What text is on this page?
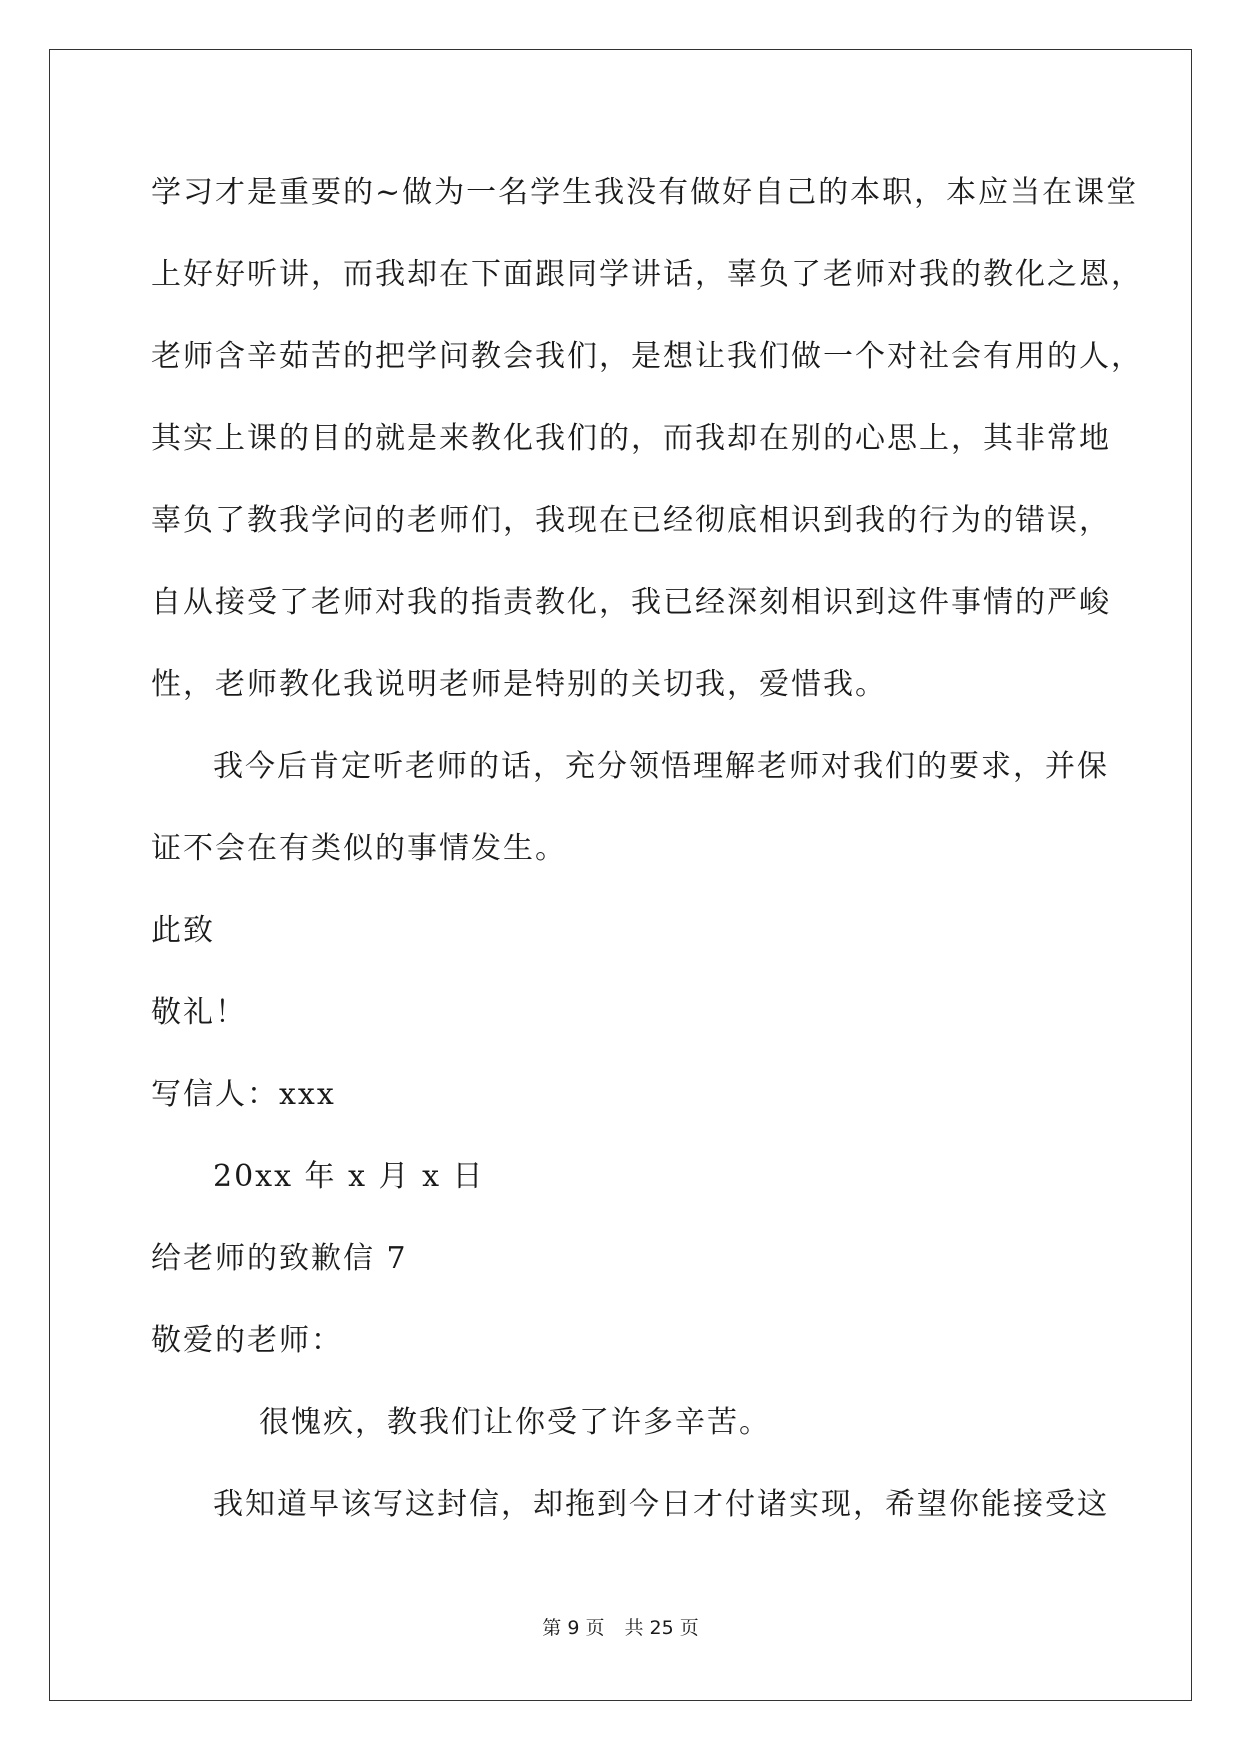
学习才是重要的~做为一名学生我没有做好自己的本职，本应当在课堂
上好好听讲，而我却在下面跟同学讲话，辜负了老师对我的教化之恩，
老师含辛茹苦的把学问教会我们，是想让我们做一个对社会有用的人，
其实上课的目的就是来教化我们的，而我却在别的心思上，其非常地
辜负了教我学问的老师们，我现在已经彻底相识到我的行为的错误，
自从接受了老师对我的指责教化，我已经深刻相识到这件事情的严峻
性，老师教化我说明老师是特别的关切我，爱惜我。
我今后肯定听老师的话，充分领悟理解老师对我们的要求，并保
证不会在有类似的事情发生。
此致
敬礼！
写信人：xxx
20xx 年 x 月 x 日
给老师的致歉信 7
敬爱的老师：
很愧疚，教我们让你受了许多辛苦。
我知道早该写这封信，却拖到今日才付诸实现，希望你能接受这
第 9 页 共 25 页
